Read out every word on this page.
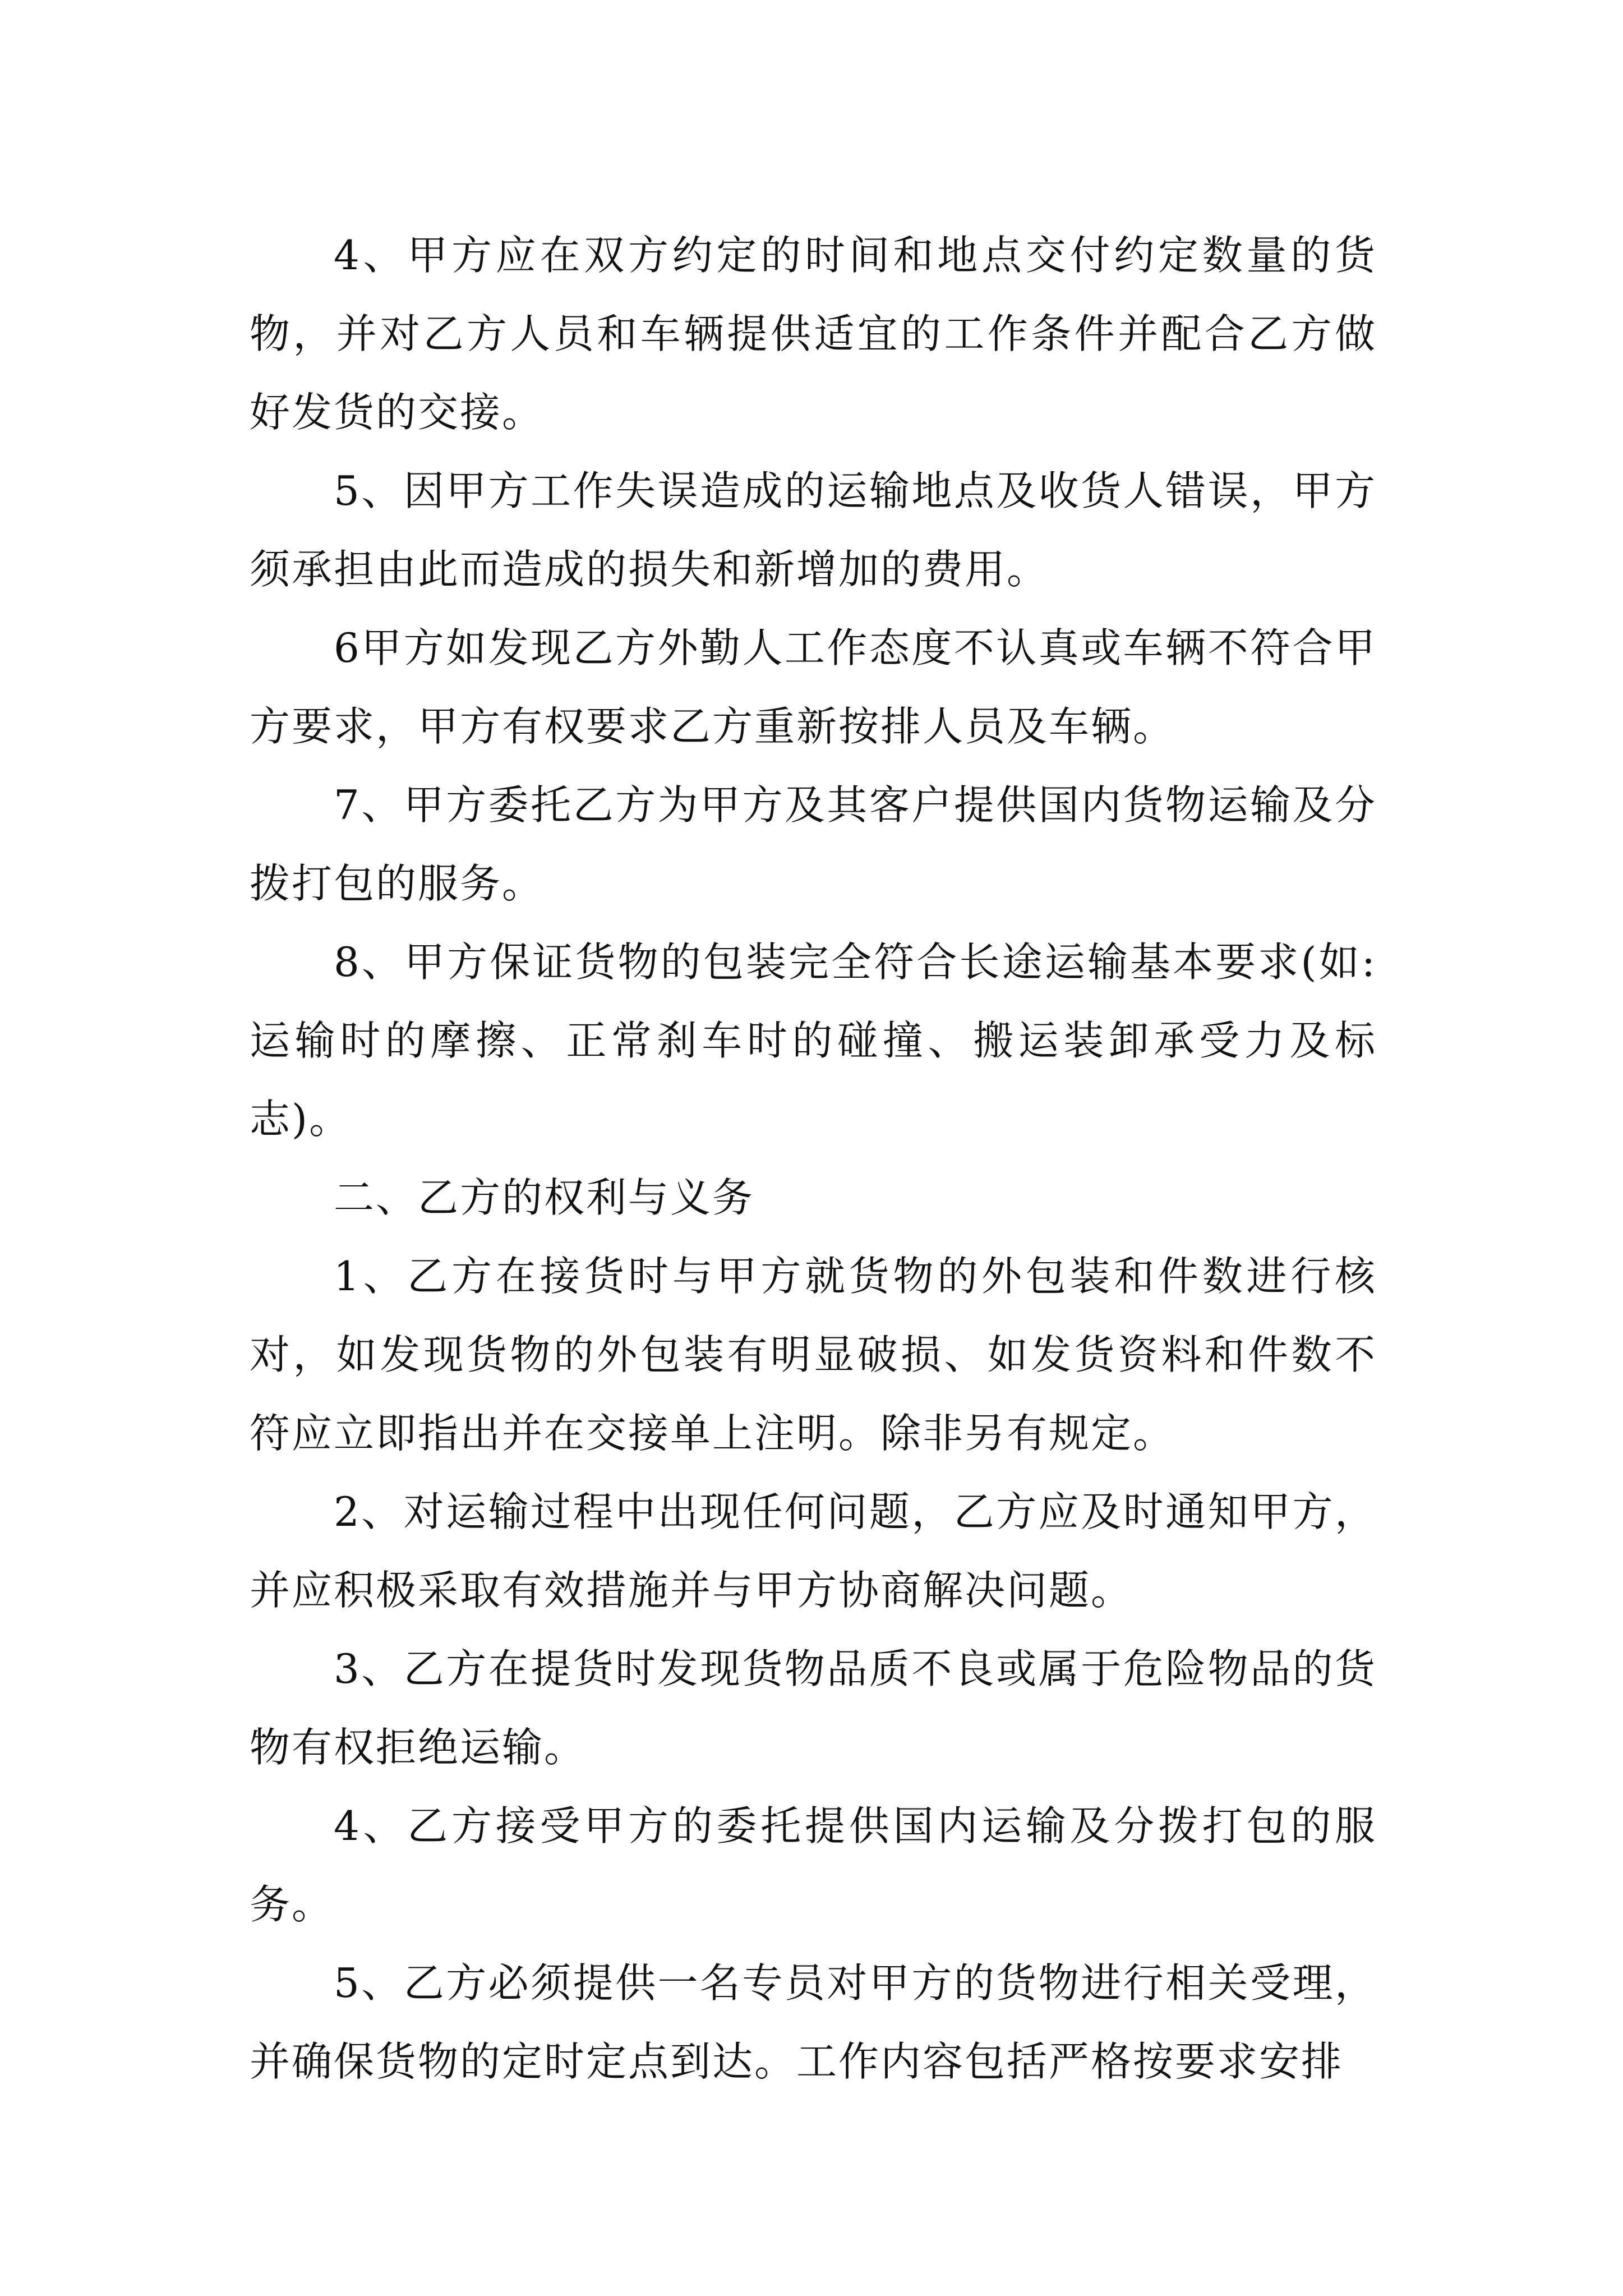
4、甲方应在双方约定的时间和地点交付约定数量的货物，并对乙方人员和车辆提供适宜的工作条件并配合乙方做好发货的交接。

5、因甲方工作失误造成的运输地点及收货人错误，甲方须承担由此而造成的损失和新增加的费用。

6甲方如发现乙方外勤人工作态度不认真或车辆不符合甲方要求，甲方有权要求乙方重新按排人员及车辆。

7、甲方委托乙方为甲方及其客户提供国内货物运输及分拨打包的服务。

8、甲方保证货物的包装完全符合长途运输基本要求(如:运输时的摩擦、正常刹车时的碰撞、搬运装卸承受力及标志)。

二、乙方的权利与义务

1、乙方在接货时与甲方就货物的外包装和件数进行核对，如发现货物的外包装有明显破损、如发货资料和件数不符应立即指出并在交接单上注明。除非另有规定。

2、对运输过程中出现任何问题，乙方应及时通知甲方，并应积极采取有效措施并与甲方协商解决问题。

3、乙方在提货时发现货物品质不良或属于危险物品的货物有权拒绝运输。

4、乙方接受甲方的委托提供国内运输及分拨打包的服务。

5、乙方必须提供一名专员对甲方的货物进行相关受理，并确保货物的定时定点到达。工作内容包括严格按要求安排
